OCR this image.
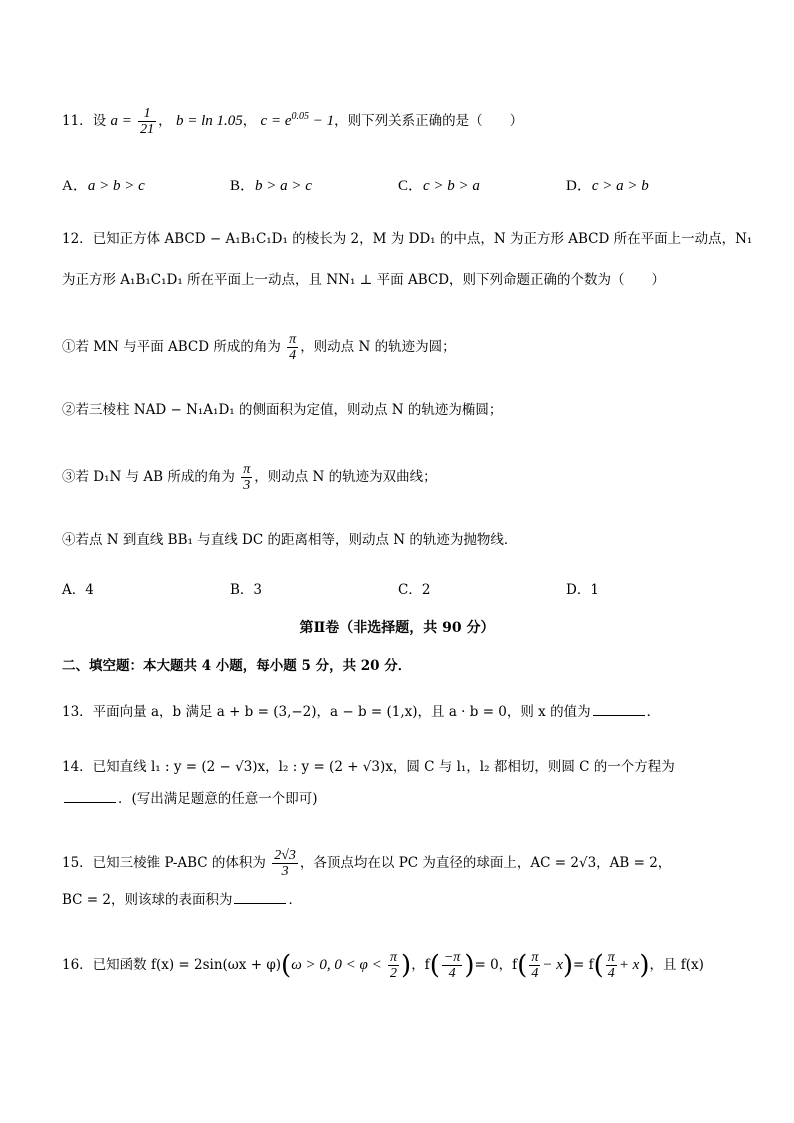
11．设 $a = \frac{1}{21}$ ， b = ln 1.05， $c = e^{0.05} - 1$，则下列关系正确的是（　　）
A．a > b > c	B．b > a > c	C．c > b > a	D．c > a > b
12．已知正方体 ABCD − A₁B₁C₁D₁ 的棱长为 2，M 为 DD₁ 的中点，N 为正方形 ABCD 所在平面上一动点，N₁
为正方形 A₁B₁C₁D₁ 所在平面上一动点，且 NN₁ ⊥ 平面 ABCD，则下列命题正确的个数为（　　）
①若 MN 与平面 ABCD 所成的角为 $\frac{\pi}{4}$ ，则动点 N 的轨迹为圆；
②若三棱柱 NAD − N₁A₁D₁ 的侧面积为定值，则动点 N 的轨迹为椭圆；
③若 D₁N 与 AB 所成的角为 $\frac{\pi}{3}$ ，则动点 N 的轨迹为双曲线；
④若点 N 到直线 BB₁ 与直线 DC 的距离相等，则动点 N 的轨迹为抛物线．
A．4	B．3	C．2	D．1
第Ⅱ卷（非选择题，共 90 分）
二、填空题：本大题共 4 小题，每小题 5 分，共 20 分．
13．平面向量 a，b 满足 a + b = (3,−2)，a − b = (1,x)，且 a · b = 0，则 x 的值为	．
14．已知直线 l₁ : y = (2 − √3)x，l₂ : y = (2 + √3)x，圆 C 与 l₁，l₂ 都相切，则圆 C 的一个方程为
．(写出满足题意的任意一个即可)
15．已知三棱锥 P-ABC 的体积为 $\frac{2√3}{3}$ ，各顶点均在以 PC 为直径的球面上，AC = 2√3，AB = 2，
BC = 2，则该球的表面积为	．
16．已知函数 f(x) = 2sin(ωx + φ)(ω > 0, $0 < \varphi < \frac{\pi}{2}$ )，$f( \frac{-\pi}{4}$ )= 0，$f( \frac{\pi}{4} - x)= f( \frac{\pi}{4} + x)$，且 f(x)
